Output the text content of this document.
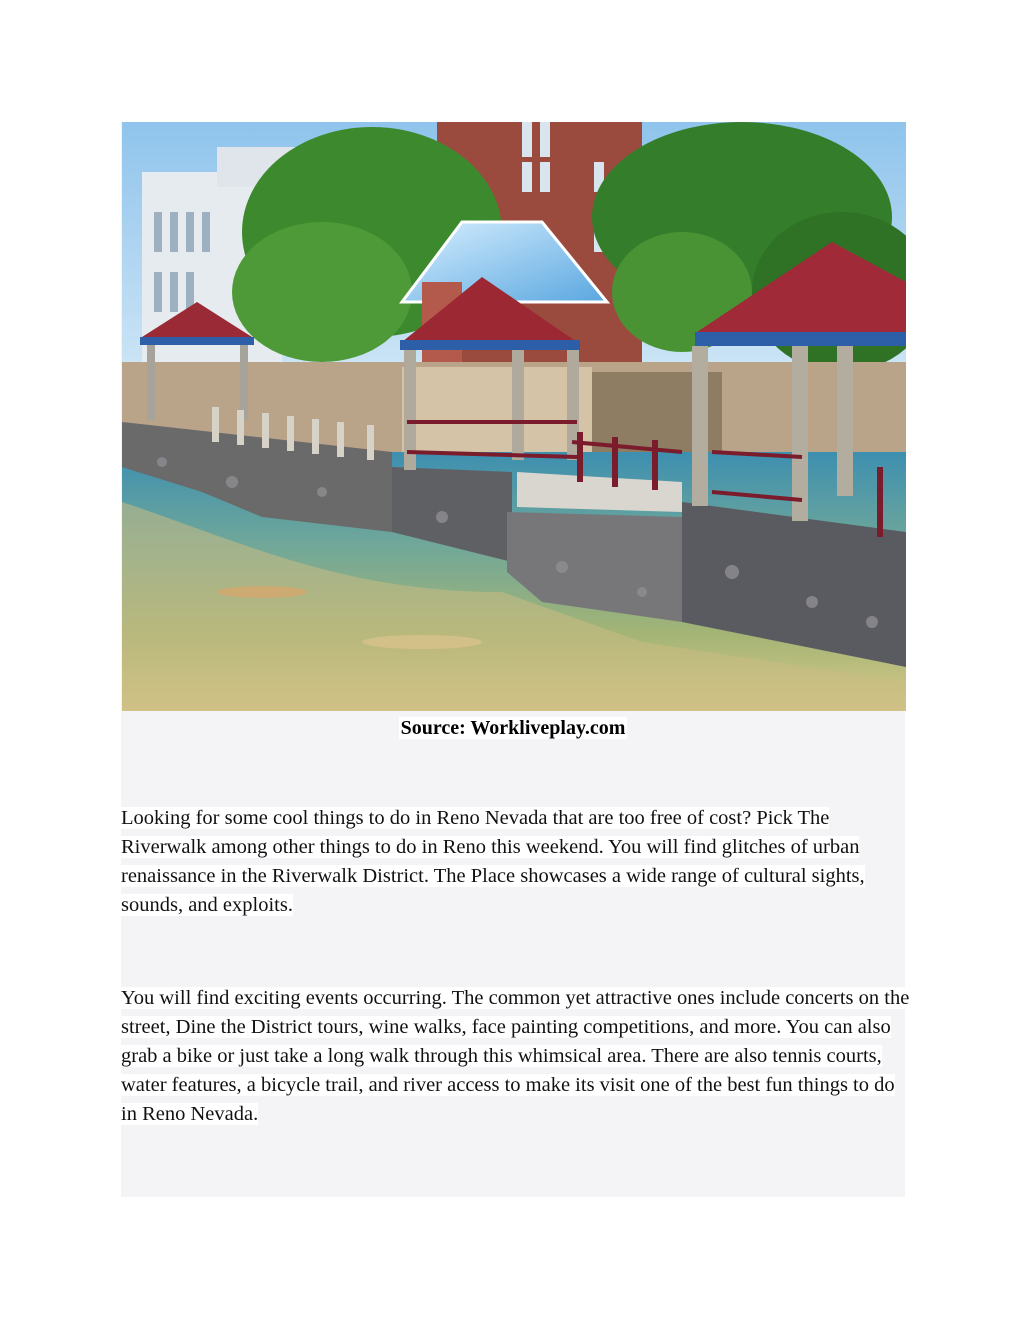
Source: Workliveplay.com

Looking for some cool things to do in Reno Nevada that are too free of cost? Pick The Riverwalk among other things to do in Reno this weekend. You will find glitches of urban renaissance in the Riverwalk District. The Place showcases a wide range of cultural sights, sounds, and exploits.

You will find exciting events occurring. The common yet attractive ones include concerts on the street, Dine the District tours, wine walks, face painting competitions, and more. You can also grab a bike or just take a long walk through this whimsical area. There are also tennis courts, water features, a bicycle trail, and river access to make its visit one of the best fun things to do in Reno Nevada.
